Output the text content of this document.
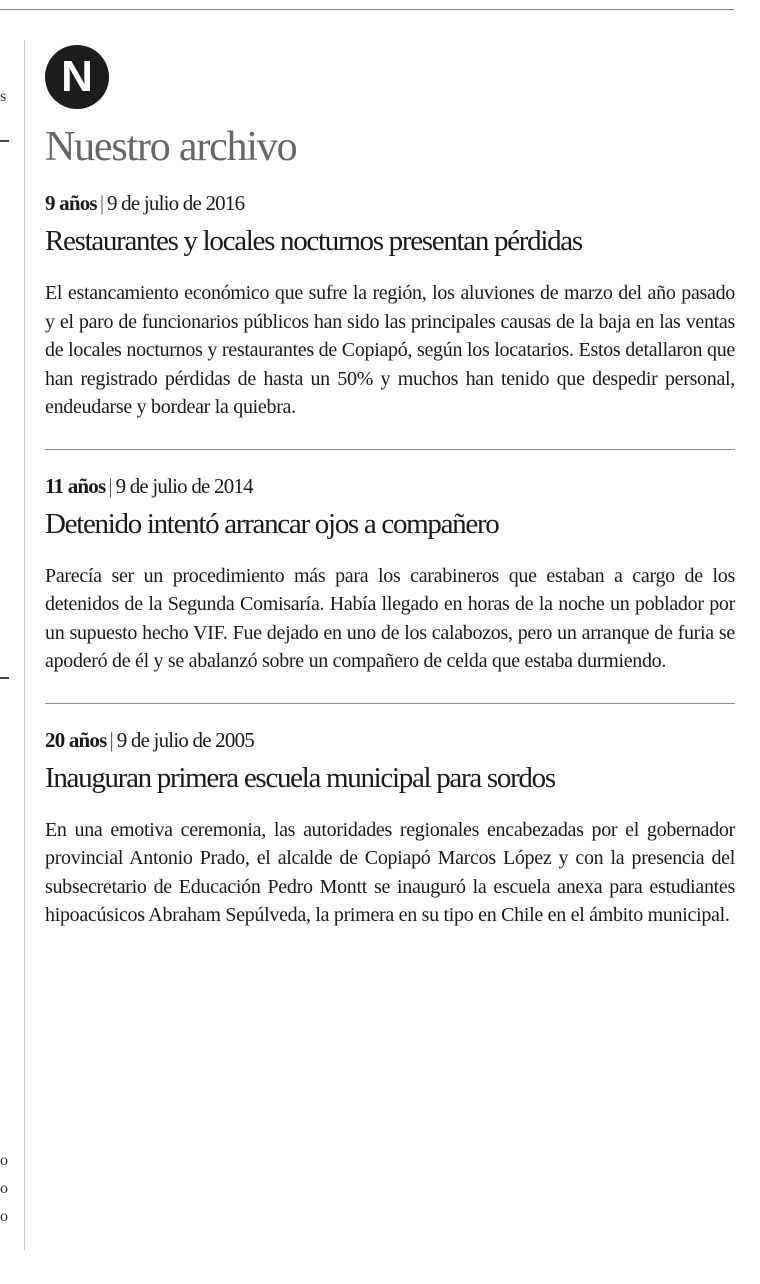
s
o
o
o
N
Nuestro archivo
9 años | 9 de julio de 2016
Restaurantes y locales nocturnos presentan pérdidas

El estancamiento económico que sufre la región, los aluviones de marzo del año pasado y el paro de funcionarios públicos han sido las principales causas de la baja en las ventas de locales nocturnos y restaurantes de Copiapó, según los locatarios. Estos detallaron que han registrado pérdidas de hasta un 50% y muchos han tenido que despedir personal, endeudarse y bordear la quiebra.

11 años | 9 de julio de 2014
Detenido intentó arrancar ojos a compañero

Parecía ser un procedimiento más para los carabineros que estaban a cargo de los detenidos de la Segunda Comisaría. Había llegado en horas de la noche un poblador por un supuesto hecho VIF. Fue dejado en uno de los calabozos, pero un arranque de furia se apoderó de él y se abalanzó sobre un compañero de celda que estaba durmiendo.

20 años | 9 de julio de 2005
Inauguran primera escuela municipal para sordos

En una emotiva ceremonia, las autoridades regionales encabezadas por el gobernador provincial Antonio Prado, el alcalde de Copiapó Marcos López y con la presencia del subsecretario de Educación Pedro Montt se inauguró la escuela anexa para estudiantes hipoacúsicos Abraham Sepúlveda, la primera en su tipo en Chile en el ámbito municipal.
